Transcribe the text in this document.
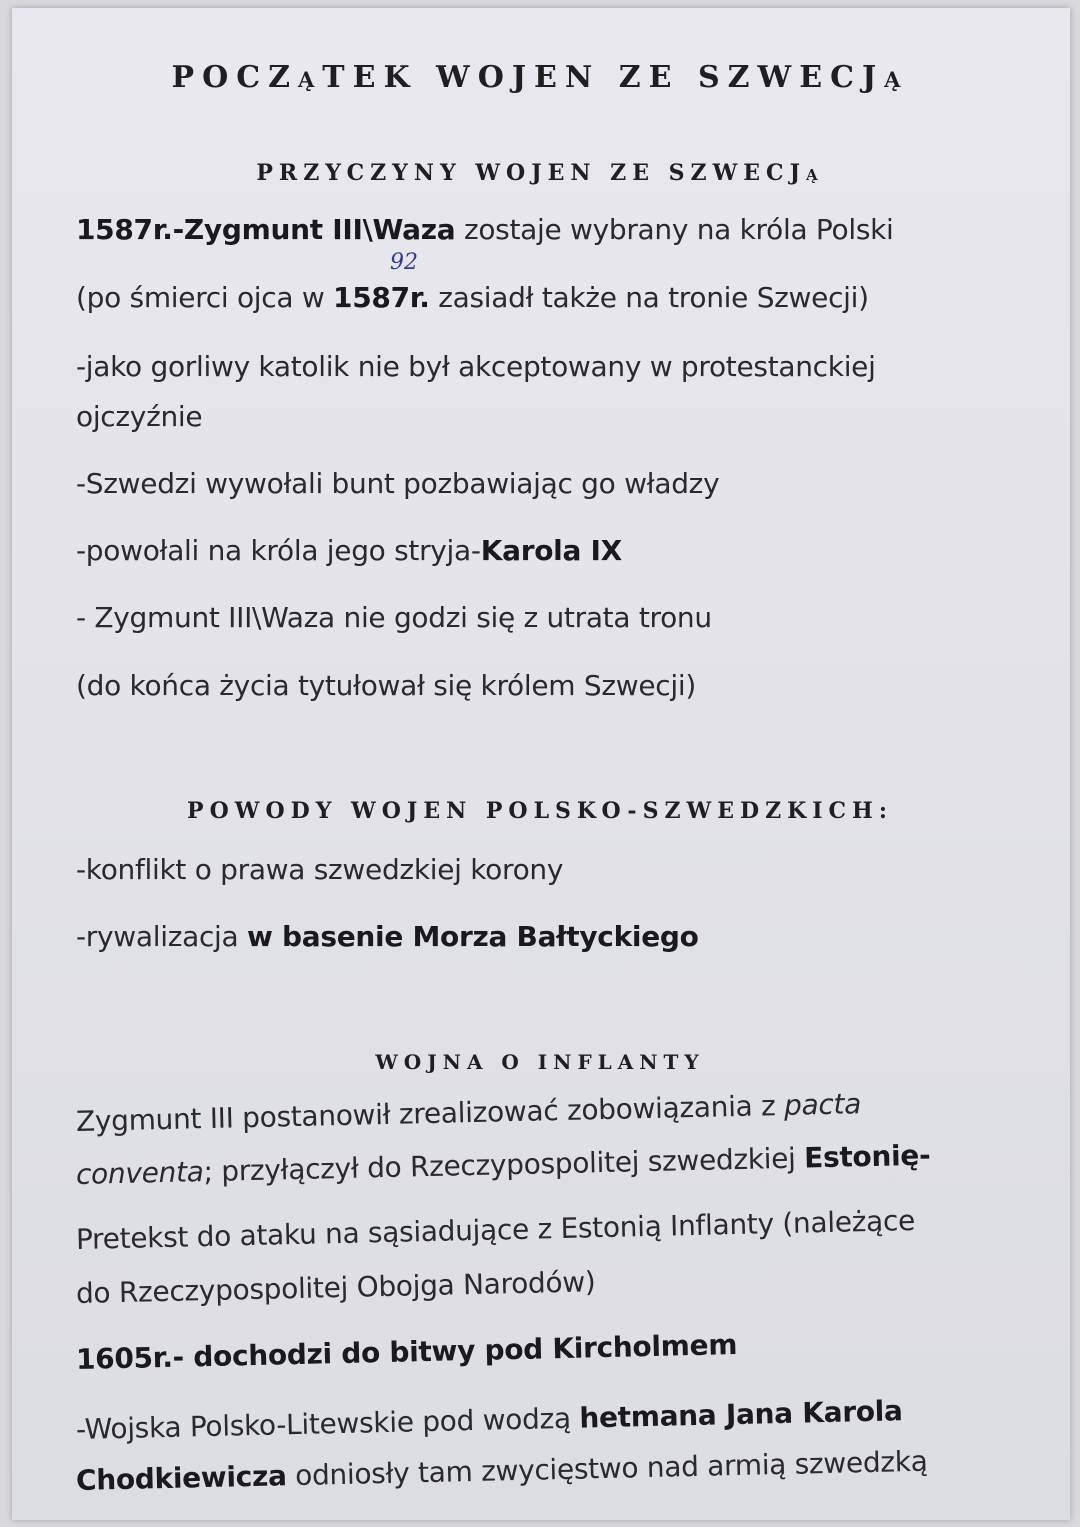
POCZąTEK WOJEN ZE SZWECJą
PRZYCZYNY WOJEN ZE SZWECJą

1587r.-Zygmunt III\Waza zostaje wybrany na króla Polski

92

(po śmierci ojca w 1587r. zasiadł także na tronie Szwecji)

-jako gorliwy katolik nie był akceptowany w protestanckiej

ojczyźnie

-Szwedzi wywołali bunt pozbawiając go władzy

-powołali na króla jego stryja-Karola IX

- Zygmunt III\Waza nie godzi się z utrata tronu

(do końca życia tytułował się królem Szwecji)

POWODY WOJEN POLSKO-SZWEDZKICH:

-konflikt o prawa szwedzkiej korony

-rywalizacja w basenie Morza Bałtyckiego

WOJNA O INFLANTY

Zygmunt III postanowił zrealizować zobowiązania z pacta

conventa; przyłączył do Rzeczypospolitej szwedzkiej Estonię-

Pretekst do ataku na sąsiadujące z Estonią Inflanty (należące

do Rzeczypospolitej Obojga Narodów)

1605r.- dochodzi do bitwy pod Kircholmem

-Wojska Polsko-Litewskie pod wodzą hetmana Jana Karola

Chodkiewicza odniosły tam zwycięstwo nad armią szwedzką
